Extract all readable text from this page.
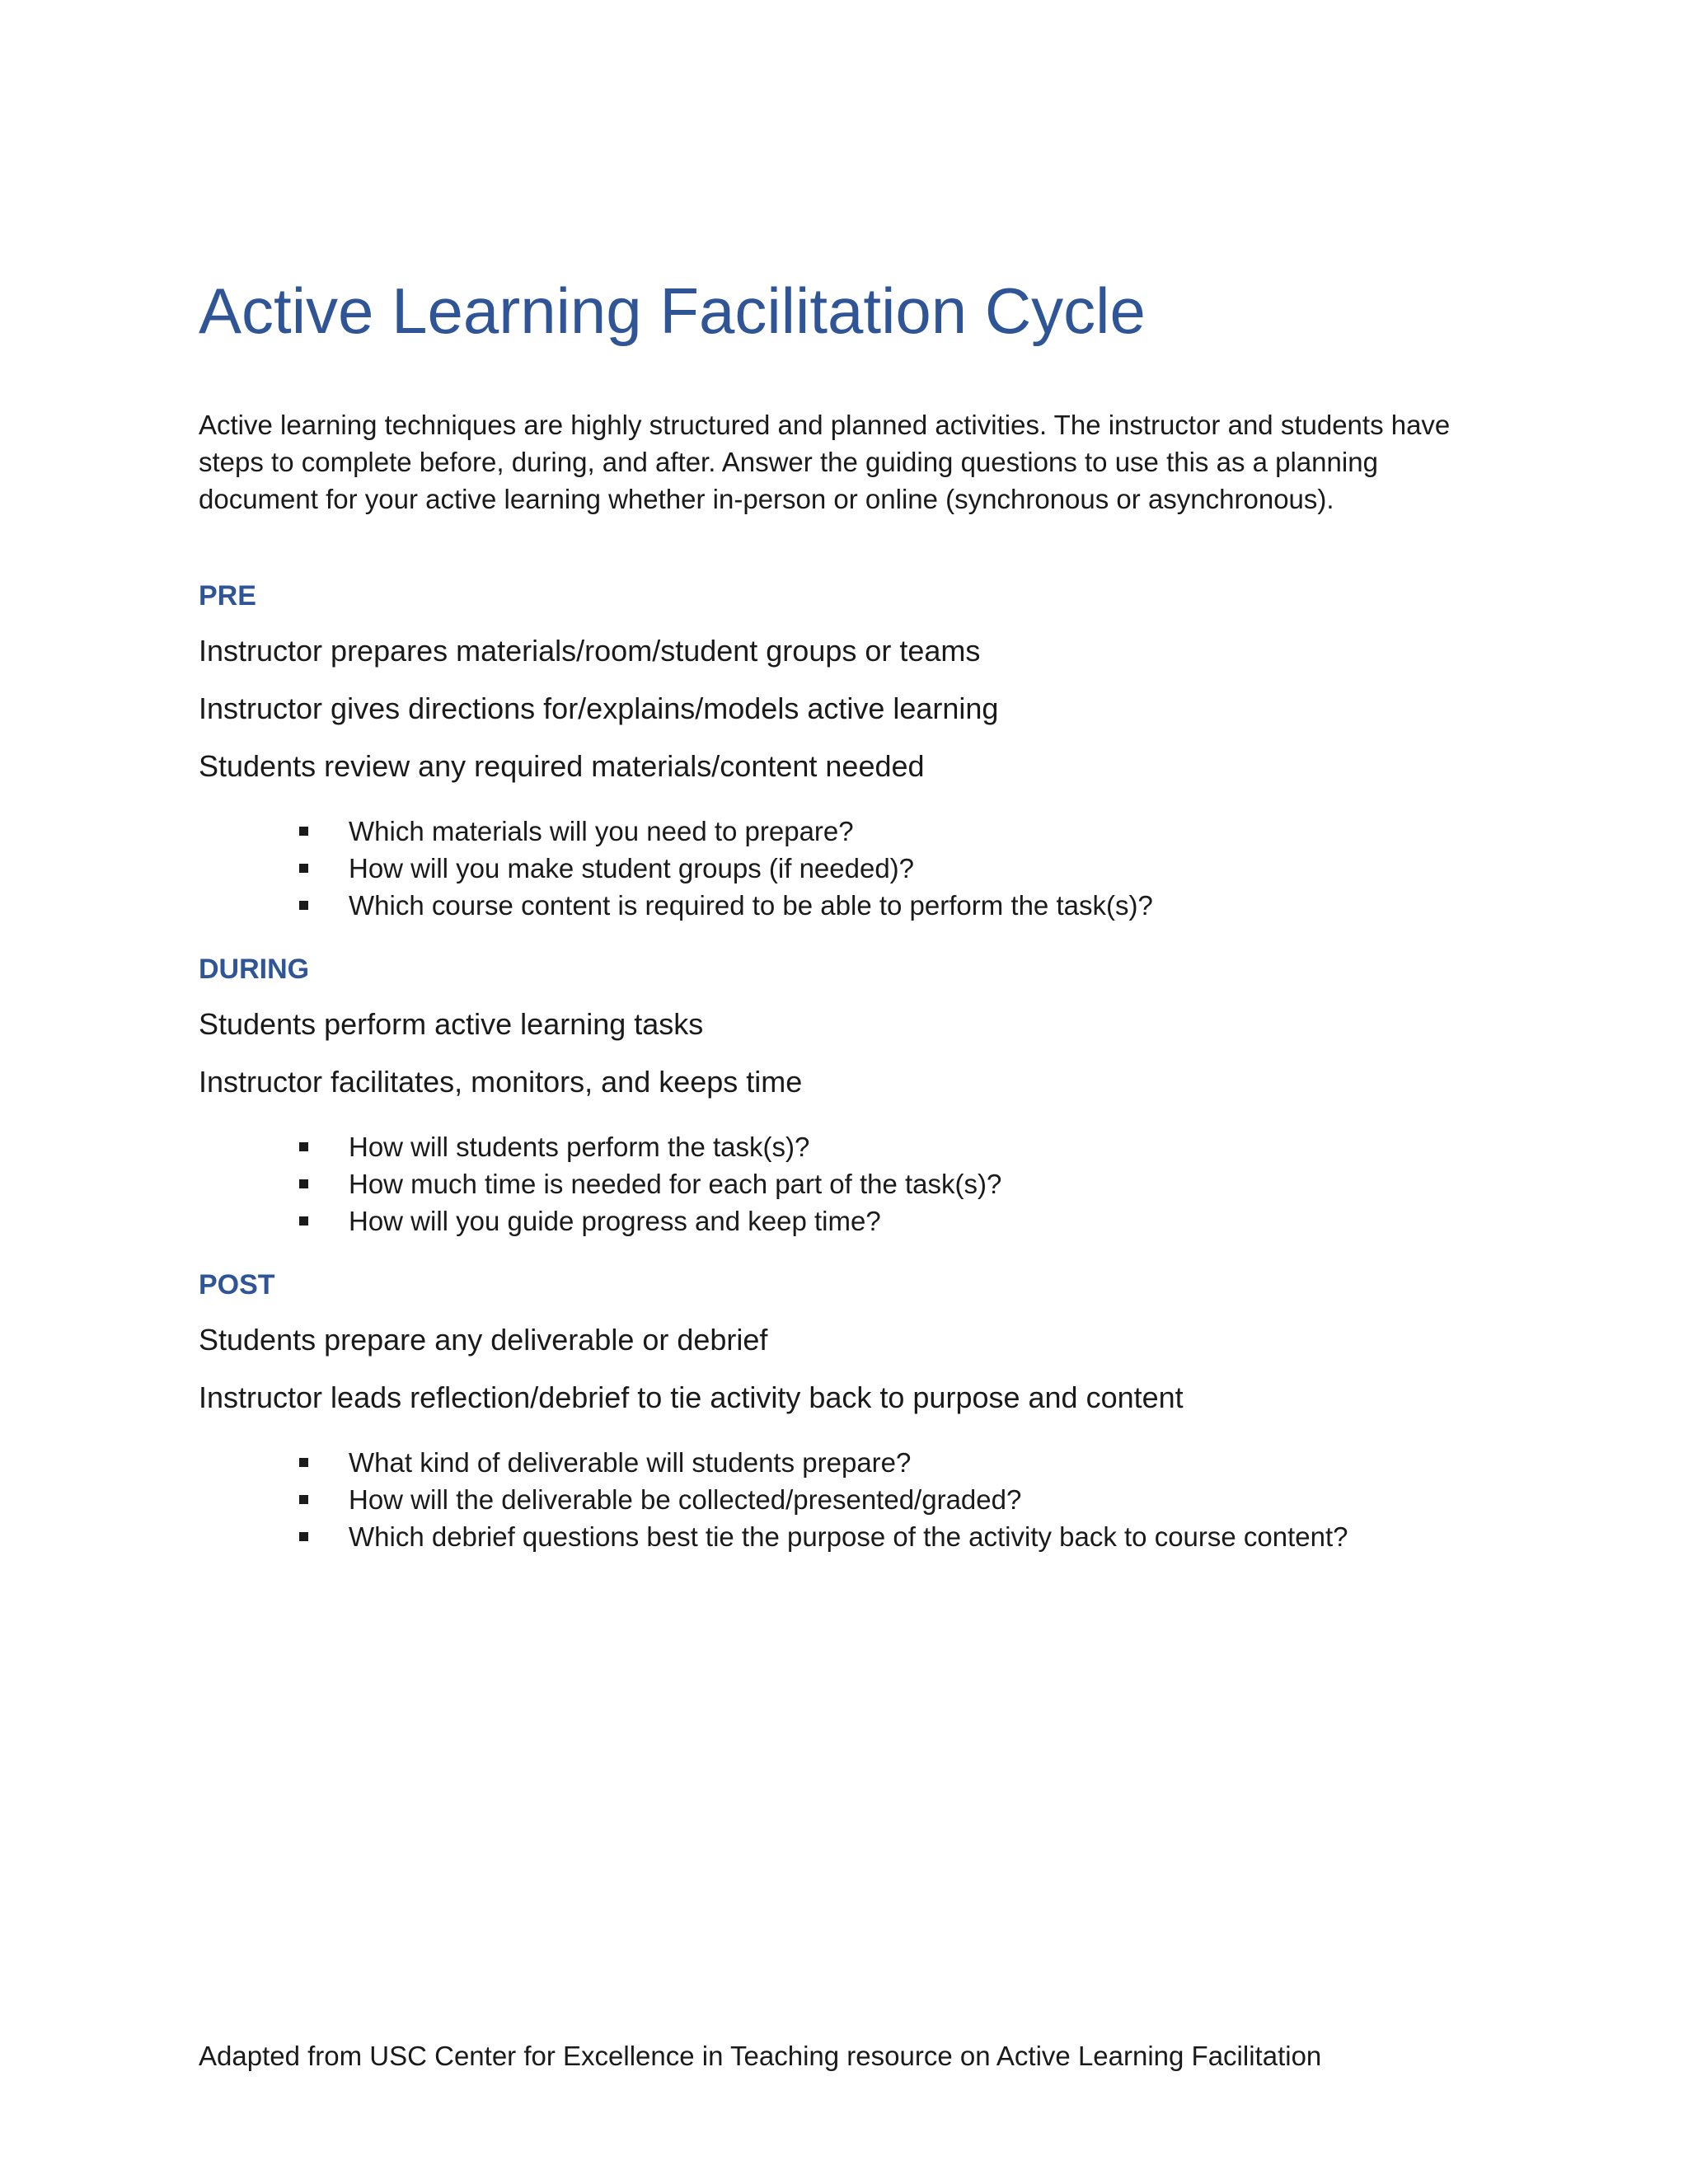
Active Learning Facilitation Cycle
Active learning techniques are highly structured and planned activities. The instructor and students have steps to complete before, during, and after. Answer the guiding questions to use this as a planning document for your active learning whether in-person or online (synchronous or asynchronous).
PRE

Instructor prepares materials/room/student groups or teams

Instructor gives directions for/explains/models active learning

Students review any required materials/content needed

Which materials will you need to prepare?
How will you make student groups (if needed)?
Which course content is required to be able to perform the task(s)?
DURING

Students perform active learning tasks

Instructor facilitates, monitors, and keeps time

How will students perform the task(s)?
How much time is needed for each part of the task(s)?
How will you guide progress and keep time?
POST

Students prepare any deliverable or debrief

Instructor leads reflection/debrief to tie activity back to purpose and content

What kind of deliverable will students prepare?
How will the deliverable be collected/presented/graded?
Which debrief questions best tie the purpose of the activity back to course content?
Adapted from USC Center for Excellence in Teaching resource on Active Learning Facilitation
